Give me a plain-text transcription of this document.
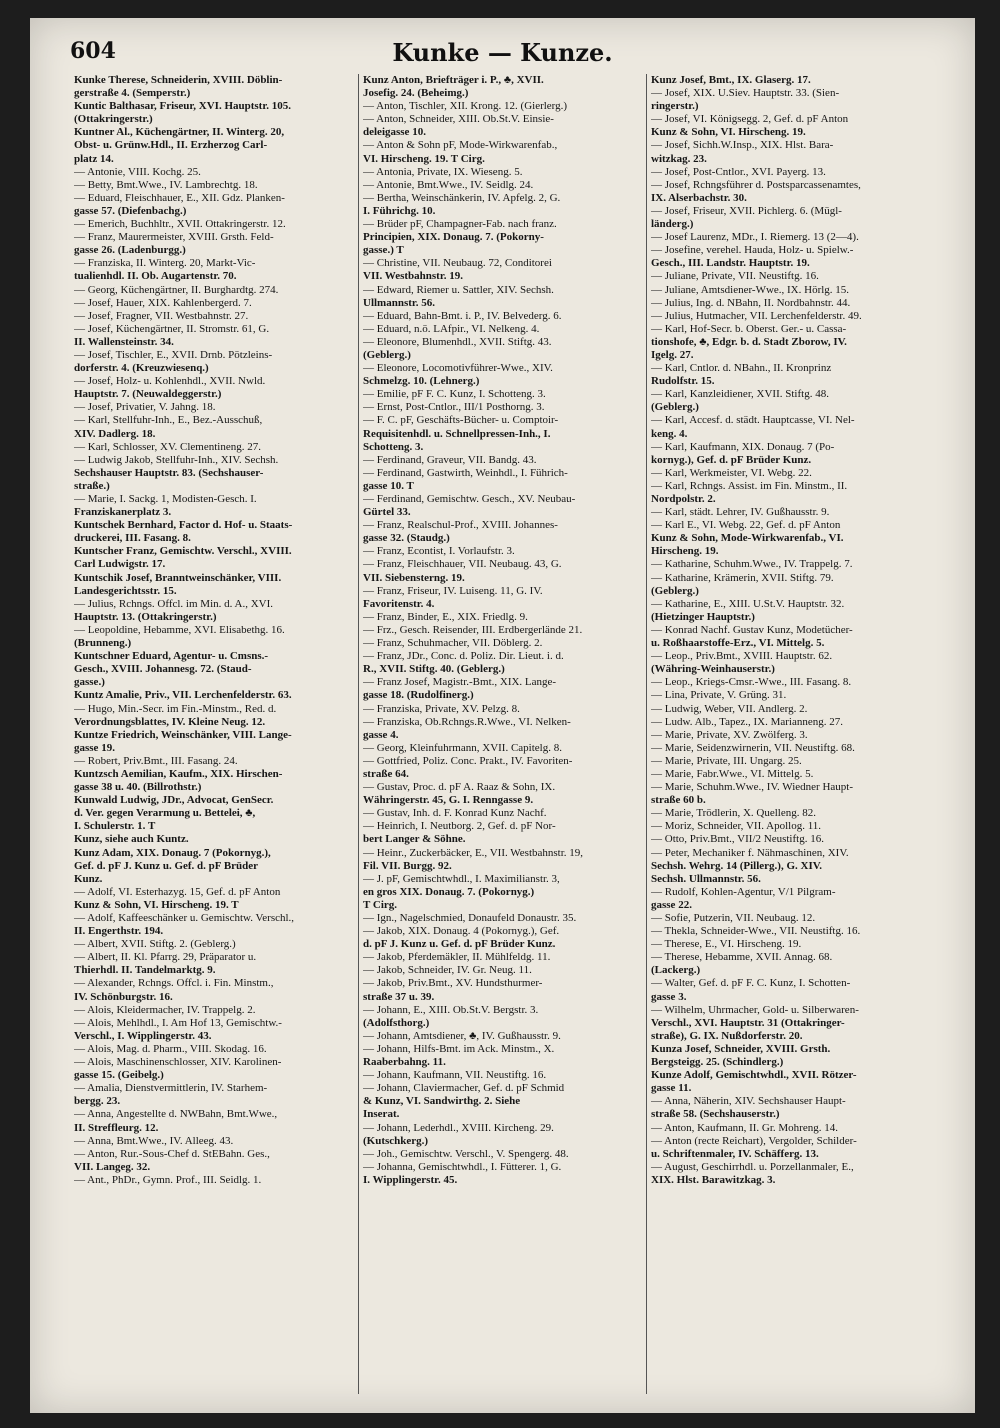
604	Kunke — Kunze.
Kunke Therese, Schneiderin, XVIII. Döblin-
gerstraße 4. (Semperstr.)
Kuntic Balthasar, Friseur, XVI. Hauptstr. 105.
(Ottakringerstr.)
Kuntner Al., Küchengärtner, II. Winterg. 20,
Obst- u. Grünw.Hdl., II. Erzherzog Carl-
platz 14.
— Antonie, VIII. Kochg. 25.
— Betty, Bmt.Wwe., IV. Lambrechtg. 18.
— Eduard, Fleischhauer, E., XII. Gdz. Planken-
gasse 57. (Diefenbachg.)
— Emerich, Buchhltr., XVII. Ottakringerstr. 12.
— Franz, Maurermeister, XVIII. Grsth. Feld-
gasse 26. (Ladenburgg.)
— Franziska, II. Winterg. 20, Markt-Vic-
tualienhdl. II. Ob. Augartenstr. 70.
— Georg, Küchengärtner, II. Burghardtg. 274.
— Josef, Hauer, XIX. Kahlenbergerd. 7.
— Josef, Fragner, VII. Westbahnstr. 27.
— Josef, Küchengärtner, II. Stromstr. 61, G.
II. Wallensteinstr. 34.
— Josef, Tischler, E., XVII. Drnb. Pötzleins-
dorferstr. 4. (Kreuzwiesenq.)
— Josef, Holz- u. Kohlenhdl., XVII. Nwld.
Hauptstr. 7. (Neuwaldeggerstr.)
— Josef, Privatier, V. Jahng. 18.
— Karl, Stellfuhr-Inh., E., Bez.-Ausschuß,
XIV. Dadlerg. 18.
— Karl, Schlosser, XV. Clementineng. 27.
— Ludwig Jakob, Stellfuhr-Inh., XIV. Sechsh.
Sechshauser Hauptstr. 83. (Sechshauser-
straße.)
— Marie, I. Sackg. 1, Modisten-Gesch. I.
Franziskanerplatz 3.
Kuntschek Bernhard, Factor d. Hof- u. Staats-
druckerei, III. Fasang. 8.
Kuntscher Franz, Gemischtw. Verschl., XVIII.
Carl Ludwigstr. 17.
Kuntschik Josef, Branntweinschänker, VIII.
Landesgerichtsstr. 15.
— Julius, Rchngs. Offcl. im Min. d. A., XVI.
Hauptstr. 13. (Ottakringerstr.)
— Leopoldine, Hebamme, XVI. Elisabethg. 16.
(Brunneng.)
Kuntschner Eduard, Agentur- u. Cmsns.-
Gesch., XVIII. Johannesg. 72. (Staud-
gasse.)
Kuntz Amalie, Priv., VII. Lerchenfelderstr. 63.
— Hugo, Min.-Secr. im Fin.-Minstm., Red. d.
Verordnungsblattes, IV. Kleine Neug. 12.
Kuntze Friedrich, Weinschänker, VIII. Lange-
gasse 19.
— Robert, Priv.Bmt., III. Fasang. 24.
Kuntzsch Aemilian, Kaufm., XIX. Hirschen-
gasse 38 u. 40. (Billrothstr.)
Kunwald Ludwig, JDr., Advocat, GenSecr.
d. Ver. gegen Verarmung u. Bettelei, ♣,
I. Schulerstr. 1. T
Kunz, siehe auch Kuntz.
Kunz Adam, XIX. Donaug. 7 (Pokornyg.),
Gef. d. pF J. Kunz u. Gef. d. pF Brüder
Kunz.
— Adolf, VI. Esterhazyg. 15, Gef. d. pF Anton
Kunz & Sohn, VI. Hirscheng. 19. T
— Adolf, Kaffeeschänker u. Gemischtw. Verschl.,
II. Engerthstr. 194.
— Albert, XVII. Stiftg. 2. (Geblerg.)
— Albert, II. Kl. Pfarrg. 29, Präparator u.
Thierhdl. II. Tandelmarktg. 9.
— Alexander, Rchngs. Offcl. i. Fin. Minstm.,
IV. Schönburgstr. 16.
— Alois, Kleidermacher, IV. Trappelg. 2.
— Alois, Mehlhdl., I. Am Hof 13, Gemischtw.-
Verschl., I. Wipplingerstr. 43.
— Alois, Mag. d. Pharm., VIII. Skodag. 16.
— Alois, Maschinenschlosser, XIV. Karolinen-
gasse 15. (Geibelg.)
— Amalia, Dienstvermittlerin, IV. Starhem-
bergg. 23.
— Anna, Angestellte d. NWBahn, Bmt.Wwe.,
II. Streffleurg. 12.
— Anna, Bmt.Wwe., IV. Alleeg. 43.
— Anton, Rur.-Sous-Chef d. StEBahn. Ges.,
VII. Langeg. 32.
— Ant., PhDr., Gymn. Prof., III. Seidlg. 1.
Kunz Anton, Briefträger i. P., ♣, XVII.
Josefig. 24. (Beheimg.)
— Anton, Tischler, XII. Krong. 12. (Gierlerg.)
— Anton, Schneider, XIII. Ob.St.V. Einsie-
deleigasse 10.
— Anton & Sohn pF, Mode-Wirkwarenfab.,
VI. Hirscheng. 19. T Cirg.
— Antonia, Private, IX. Wieseng. 5.
— Antonie, Bmt.Wwe., IV. Seidlg. 24.
— Bertha, Weinschänkerin, IV. Apfelg. 2, G.
I. Führichg. 10.
— Brüder pF, Champagner-Fab. nach franz.
Principien, XIX. Donaug. 7. (Pokorny-
gasse.) T
— Christine, VII. Neubaug. 72, Conditorei
VII. Westbahnstr. 19.
— Edward, Riemer u. Sattler, XIV. Sechsh.
Ullmannstr. 56.
— Eduard, Bahn-Bmt. i. P., IV. Belvederg. 6.
— Eduard, n.ö. LAfpir., VI. Nelkeng. 4.
— Eleonore, Blumenhdl., XVII. Stiftg. 43.
(Geblerg.)
— Eleonore, Locomotivführer-Wwe., XIV.
Schmelzg. 10. (Lehnerg.)
— Emilie, pF F. C. Kunz, I. Schotteng. 3.
— Ernst, Post-Cntlor., III/1 Posthorng. 3.
— F. C. pF, Geschäfts-Bücher- u. Comptoir-
Requisitenhdl. u. Schnellpressen-Inh., I.
Schotteng. 3.
— Ferdinand, Graveur, VII. Bandg. 43.
— Ferdinand, Gastwirth, Weinhdl., I. Führich-
gasse 10. T
— Ferdinand, Gemischtw. Gesch., XV. Neubau-
Gürtel 33.
— Franz, Realschul-Prof., XVIII. Johannes-
gasse 32. (Staudg.)
— Franz, Econtist, I. Vorlaufstr. 3.
— Franz, Fleischhauer, VII. Neubaug. 43, G.
VII. Siebensterng. 19.
— Franz, Friseur, IV. Luiseng. 11, G. IV.
Favoritenstr. 4.
— Franz, Binder, E., XIX. Friedlg. 9.
— Frz., Gesch. Reisender, III. Erdbergerlände 21.
— Franz, Schuhmacher, VII. Döblerg. 2.
— Franz, JDr., Conc. d. Poliz. Dir. Lieut. i. d.
R., XVII. Stiftg. 40. (Geblerg.)
— Franz Josef, Magistr.-Bmt., XIX. Lange-
gasse 18. (Rudolfinerg.)
— Franziska, Private, XV. Pelzg. 8.
— Franziska, Ob.Rchngs.R.Wwe., VI. Nelken-
gasse 4.
— Georg, Kleinfuhrmann, XVII. Capitelg. 8.
— Gottfried, Poliz. Conc. Prakt., IV. Favoriten-
straße 64.
— Gustav, Proc. d. pF A. Raaz & Sohn, IX.
Währingerstr. 45, G. I. Renngasse 9.
— Gustav, Inh. d. F. Konrad Kunz Nachf.
— Heinrich, I. Neutborg. 2, Gef. d. pF Nor-
bert Langer & Söhne.
— Heinr., Zuckerbäcker, E., VII. Westbahnstr. 19,
Fil. VII. Burgg. 92.
— J. pF, Gemischtwhdl., I. Maximilianstr. 3,
en gros XIX. Donaug. 7. (Pokornyg.)
T Cirg.
— Ign., Nagelschmied, Donaufeld Donaustr. 35.
— Jakob, XIX. Donaug. 4 (Pokornyg.), Gef.
d. pF J. Kunz u. Gef. d. pF Brüder Kunz.
— Jakob, Pferdemäkler, II. Mühlfeldg. 11.
— Jakob, Schneider, IV. Gr. Neug. 11.
— Jakob, Priv.Bmt., XV. Hundsthurmer-
straße 37 u. 39.
— Johann, E., XIII. Ob.St.V. Bergstr. 3.
(Adolfsthorg.)
— Johann, Amtsdiener, ♣, IV. Gußhausstr. 9.
— Johann, Hilfs-Bmt. im Ack. Minstm., X.
Raaberbahng. 11.
— Johann, Kaufmann, VII. Neustiftg. 16.
— Johann, Claviermacher, Gef. d. pF Schmid
& Kunz, VI. Sandwirthg. 2. Siehe
Inserat.
— Johann, Lederhdl., XVIII. Kircheng. 29.
(Kutschkerg.)
— Joh., Gemischtw. Verschl., V. Spengerg. 48.
— Johanna, Gemischtwhdl., I. Fütterer. 1, G.
I. Wipplingerstr. 45.
Kunz Josef, Bmt., IX. Glaserg. 17.
— Josef, XIX. U.Siev. Hauptstr. 33. (Sien-
ringerstr.)
— Josef, VI. Königsegg. 2, Gef. d. pF Anton
Kunz & Sohn, VI. Hirscheng. 19.
— Josef, Sichh.W.Insp., XIX. Hlst. Bara-
witzkag. 23.
— Josef, Post-Cntlor., XVI. Payerg. 13.
— Josef, Rchngsführer d. Postsparcassenamtes,
IX. Alserbachstr. 30.
— Josef, Friseur, XVII. Pichlerg. 6. (Mügl-
länderg.)
— Josef Laurenz, MDr., I. Riemerg. 13 (2—4).
— Josefine, verehel. Hauda, Holz- u. Spielw.-
Gesch., III. Landstr. Hauptstr. 19.
— Juliane, Private, VII. Neustiftg. 16.
— Juliane, Amtsdiener-Wwe., IX. Hörlg. 15.
— Julius, Ing. d. NBahn, II. Nordbahnstr. 44.
— Julius, Hutmacher, VII. Lerchenfelderstr. 49.
— Karl, Hof-Secr. b. Oberst. Ger.- u. Cassa-
tionshofe, ♣, Edgr. b. d. Stadt Zborow, IV.
Igelg. 27.
— Karl, Cntlor. d. NBahn., II. Kronprinz
Rudolfstr. 15.
— Karl, Kanzleidiener, XVII. Stiftg. 48.
(Geblerg.)
— Karl, Accesf. d. städt. Hauptcasse, VI. Nel-
keng. 4.
— Karl, Kaufmann, XIX. Donaug. 7 (Po-
kornyg.), Gef. d. pF Brüder Kunz.
— Karl, Werkmeister, VI. Webg. 22.
— Karl, Rchngs. Assist. im Fin. Minstm., II.
Nordpolstr. 2.
— Karl, städt. Lehrer, IV. Gußhausstr. 9.
— Karl E., VI. Webg. 22, Gef. d. pF Anton
Kunz & Sohn, Mode-Wirkwarenfab., VI.
Hirscheng. 19.
— Katharine, Schuhm.Wwe., IV. Trappelg. 7.
— Katharine, Krämerin, XVII. Stiftg. 79.
(Geblerg.)
— Katharine, E., XIII. U.St.V. Hauptstr. 32.
(Hietzinger Hauptstr.)
— Konrad Nachf. Gustav Kunz, Modetücher-
u. Roßhaarstoffe-Erz., VI. Mittelg. 5.
— Leop., Priv.Bmt., XVIII. Hauptstr. 62.
(Währing-Weinhauserstr.)
— Leop., Kriegs-Cmsr.-Wwe., III. Fasang. 8.
— Lina, Private, V. Grüng. 31.
— Ludwig, Weber, VII. Andlerg. 2.
— Ludw. Alb., Tapez., IX. Marianneng. 27.
— Marie, Private, XV. Zwölferg. 3.
— Marie, Seidenzwirnerin, VII. Neustiftg. 68.
— Marie, Private, III. Ungarg. 25.
— Marie, Fabr.Wwe., VI. Mittelg. 5.
— Marie, Schuhm.Wwe., IV. Wiedner Haupt-
straße 60 b.
— Marie, Trödlerin, X. Quelleng. 82.
— Moriz, Schneider, VII. Apollog. 11.
— Otto, Priv.Bmt., VII/2 Neustiftg. 16.
— Peter, Mechaniker f. Nähmaschinen, XIV.
Sechsh. Wehrg. 14 (Pillerg.), G. XIV.
Sechsh. Ullmannstr. 56.
— Rudolf, Kohlen-Agentur, V/1 Pilgram-
gasse 22.
— Sofie, Putzerin, VII. Neubaug. 12.
— Thekla, Schneider-Wwe., VII. Neustiftg. 16.
— Therese, E., VI. Hirscheng. 19.
— Therese, Hebamme, XVII. Annag. 68.
(Lackerg.)
— Walter, Gef. d. pF F. C. Kunz, I. Schotten-
gasse 3.
— Wilhelm, Uhrmacher, Gold- u. Silberwaren-
Verschl., XVI. Hauptstr. 31 (Ottakringer-
straße), G. IX. Nußdorferstr. 20.
Kunza Josef, Schneider, XVIII. Grsth.
Bergsteigg. 25. (Schindlerg.)
Kunze Adolf, Gemischtwhdl., XVII. Rötzer-
gasse 11.
— Anna, Näherin, XIV. Sechshauser Haupt-
straße 58. (Sechshauserstr.)
— Anton, Kaufmann, II. Gr. Mohreng. 14.
— Anton (recte Reichart), Vergolder, Schilder-
u. Schriftenmaler, IV. Schäfferg. 13.
— August, Geschirrhdl. u. Porzellanmaler, E.,
XIX. Hlst. Barawitzkag. 3.
